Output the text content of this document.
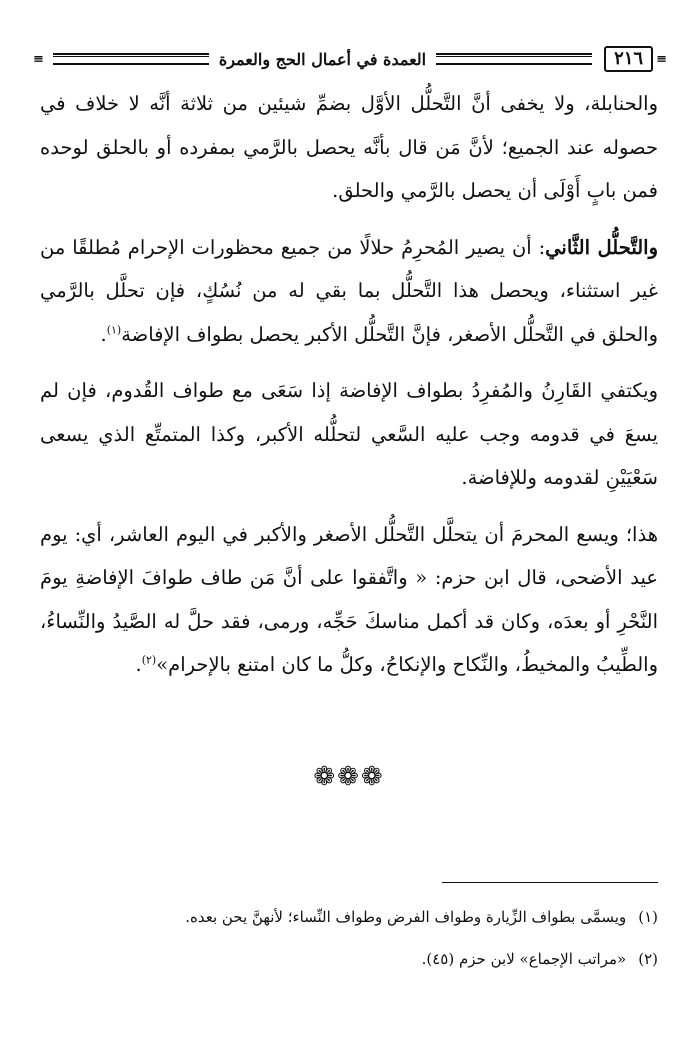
≡
٢١٦
العمدة في أعمال الحج والعمرة
≡

والحنابلة، ولا يخفى أنَّ التَّحلُّل الأوَّل بضمِّ شيئين من ثلاثة أنَّه لا خلاف في حصوله عند الجميع؛ لأنَّ مَن قال بأنَّه يحصل بالرَّمي بمفرده أو بالحلق لوحده فمن بابٍ أَوْلَى أن يحصل بالرَّمي والحلق.

والتَّحلُّل الثَّاني: أن يصير المُحرِمُ حلالًا من جميع محظورات الإحرام مُطلقًا من غير استثناء، ويحصل هذا التَّحلُّل بما بقي له من نُسُكٍ، فإن تحلَّل بالرَّمي والحلق في التَّحلُّل الأصغر، فإنَّ التَّحلُّل الأكبر يحصل بطواف الإفاضة$^{(١)}$.

ويكتفي القَارِنُ والمُفرِدُ بطواف الإفاضة إذا سَعَى مع طواف القُدوم، فإن لم يسعَ في قدومه وجب عليه السَّعي لتحلُّله الأكبر، وكذا المتمتِّع الذي يسعى سَعْيَيْنِ لقدومه وللإفاضة.

هذا؛ ويسع المحرمَ أن يتحلَّل التَّحلُّل الأصغر والأكبر في اليوم العاشر، أي: يوم عيد الأضحى، قال ابن حزم: « واتَّفقوا على أنَّ مَن طاف طوافَ الإفاضةِ يومَ النَّحْرِ أو بعدَه، وكان قد أكمل مناسكَ حَجِّه، ورمى، فقد حلَّ له الصَّيدُ والنِّساءُ، والطِّيبُ والمخيطُ، والنِّكاح والإنكاحُ، وكلُّ ما كان امتنع بالإحرام»$^{(٢)}$.

❁❁❁
(١)ويسمَّى بطواف الزِّيارة وطواف الفرض وطواف النِّساء؛ لأنهنَّ يحن بعده.
(٢)«مراتب الإجماع» لابن حزم (٤٥).
